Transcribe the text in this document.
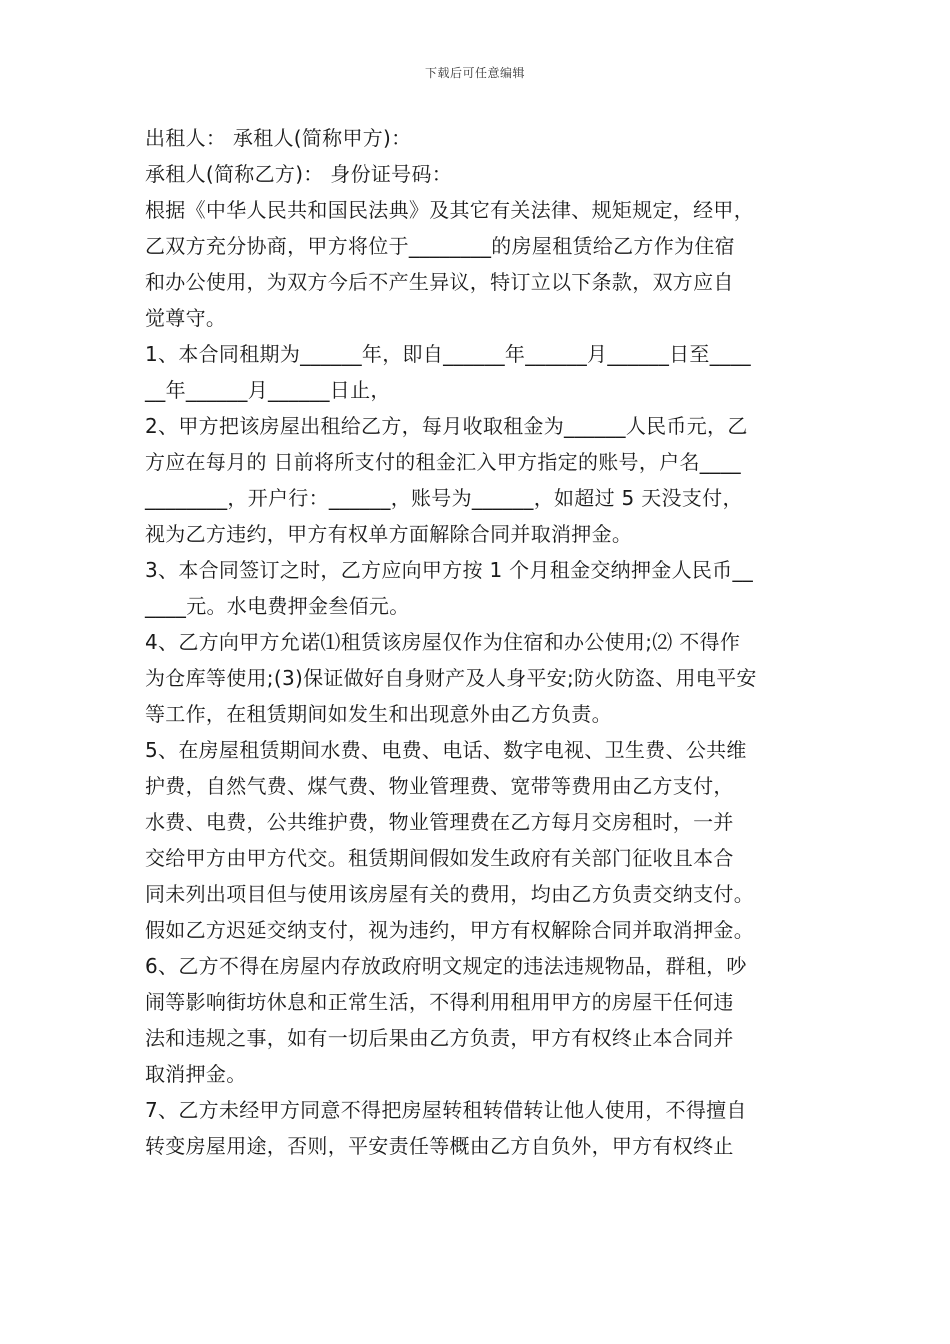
下载后可任意编辑
出租人： 承租人(简称甲方)：
承租人(简称乙方)： 身份证号码：
根据《中华人民共和国民法典》及其它有关法律、规矩规定，经甲，
乙双方充分协商，甲方将位于________的房屋租赁给乙方作为住宿
和办公使用，为双方今后不产生异议，特订立以下条款，双方应自
觉尊守。
1、本合同租期为______年，即自______年______月______日至____
__年______月______日止，
2、甲方把该房屋出租给乙方，每月收取租金为______人民币元，乙
方应在每月的 日前将所支付的租金汇入甲方指定的账号，户名____
________，开户行：______，账号为______，如超过 5 天没支付，
视为乙方违约，甲方有权单方面解除合同并取消押金。
3、本合同签订之时，乙方应向甲方按 1 个月租金交纳押金人民币__
____元。水电费押金叁佰元。
4、乙方向甲方允诺⑴租赁该房屋仅作为住宿和办公使用;⑵ 不得作
为仓库等使用;(3)保证做好自身财产及人身平安;防火防盗、用电平安
等工作，在租赁期间如发生和出现意外由乙方负责。
5、在房屋租赁期间水费、电费、电话、数字电视、卫生费、公共维
护费，自然气费、煤气费、物业管理费、宽带等费用由乙方支付，
水费、电费，公共维护费，物业管理费在乙方每月交房租时，一并
交给甲方由甲方代交。租赁期间假如发生政府有关部门征收且本合
同未列出项目但与使用该房屋有关的费用，均由乙方负责交纳支付。
假如乙方迟延交纳支付，视为违约，甲方有权解除合同并取消押金。
6、乙方不得在房屋内存放政府明文规定的违法违规物品，群租，吵
闹等影响街坊休息和正常生活，不得利用租用甲方的房屋干任何违
法和违规之事，如有一切后果由乙方负责，甲方有权终止本合同并
取消押金。
7、乙方未经甲方同意不得把房屋转租转借转让他人使用，不得擅自
转变房屋用途，否则，平安责任等概由乙方自负外，甲方有权终止
